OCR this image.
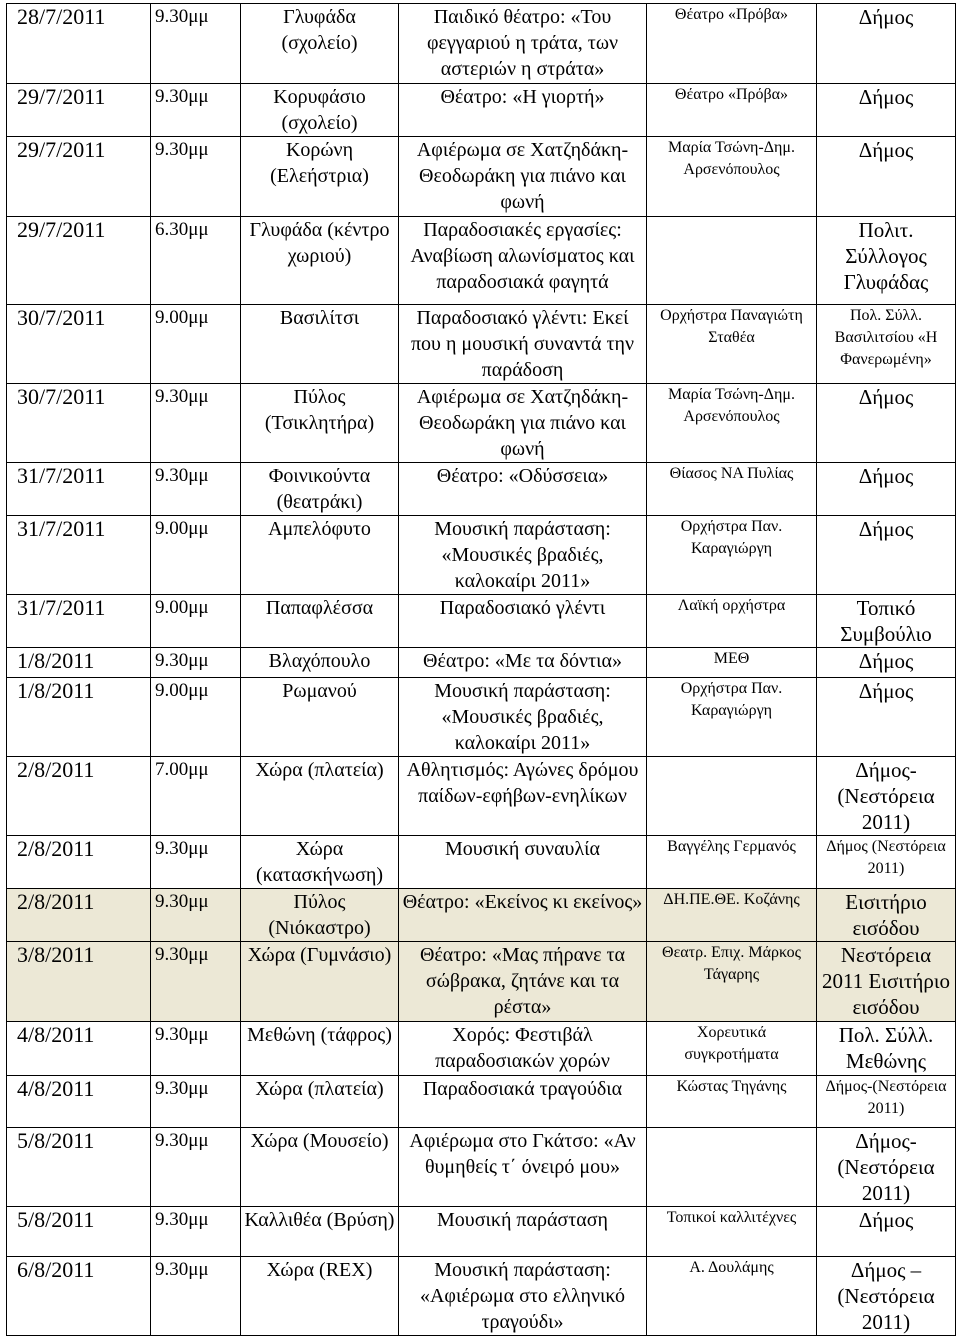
28/7/2011	9.30μμ	Γλυφάδα (σχολείο)	Παιδικό θέατρο: «Του φεγγαριού η τράτα, των αστεριών η στράτα»	Θέατρο «Πρόβα»	Δήμος
29/7/2011	9.30μμ	Κορυφάσιο (σχολείο)	Θέατρο: «Η γιορτή»	Θέατρο «Πρόβα»	Δήμος
29/7/2011	9.30μμ	Κορώνη (Ελεήστρια)	Αφιέρωμα σε Χατζηδάκη-Θεοδωράκη για πιάνο και φωνή	Μαρία Τσώνη-Δημ. Αρσενόπουλος	Δήμος
29/7/2011	6.30μμ	Γλυφάδα (κέντρο χωριού)	Παραδοσιακές εργασίες: Αναβίωση αλωνίσματος και παραδοσιακά φαγητά		Πολιτ. Σύλλογος Γλυφάδας
30/7/2011	9.00μμ	Βασιλίτσι	Παραδοσιακό γλέντι: Εκεί που η μουσική συναντά την παράδοση	Ορχήστρα Παναγιώτη Σταθέα	Πολ. Σύλλ. Βασιλιτσίου «Η Φανερωμένη»
30/7/2011	9.30μμ	Πύλος (Τσικλητήρα)	Αφιέρωμα σε Χατζηδάκη-Θεοδωράκη για πιάνο και φωνή	Μαρία Τσώνη-Δημ. Αρσενόπουλος	Δήμος
31/7/2011	9.30μμ	Φοινικούντα (θεατράκι)	Θέατρο: «Οδύσσεια»	Θίασος ΝΑ Πυλίας	Δήμος
31/7/2011	9.00μμ	Αμπελόφυτο	Μουσική παράσταση: «Μουσικές βραδιές, καλοκαίρι 2011»	Ορχήστρα Παν. Καραγιώργη	Δήμος
31/7/2011	9.00μμ	Παπαφλέσσα	Παραδοσιακό γλέντι	Λαϊκή ορχήστρα	Τοπικό Συμβούλιο
1/8/2011	9.30μμ	Βλαχόπουλο	Θέατρο: «Με τα δόντια»	ΜΕΘ	Δήμος
1/8/2011	9.00μμ	Ρωμανού	Μουσική παράσταση: «Μουσικές βραδιές, καλοκαίρι 2011»	Ορχήστρα Παν. Καραγιώργη	Δήμος
2/8/2011	7.00μμ	Χώρα (πλατεία)	Αθλητισμός: Αγώνες δρόμου παίδων-εφήβων-ενηλίκων		Δήμος-(Νεστόρεια 2011)
2/8/2011	9.30μμ	Χώρα (κατασκήνωση)	Μουσική συναυλία	Βαγγέλης Γερμανός	Δήμος (Νεστόρεια 2011)
2/8/2011	9.30μμ	Πύλος (Νιόκαστρο)	Θέατρο: «Εκείνος κι εκείνος»	ΔΗ.ΠΕ.ΘΕ. Κοζάνης	Εισιτήριο εισόδου
3/8/2011	9.30μμ	Χώρα (Γυμνάσιο)	Θέατρο: «Μας πήρανε τα σώβρακα, ζητάνε και τα ρέστα»	Θεατρ. Επιχ. Μάρκος Τάγαρης	Νεστόρεια 2011 Εισιτήριο εισόδου
4/8/2011	9.30μμ	Μεθώνη (τάφρος)	Χορός: Φεστιβάλ παραδοσιακών χορών	Χορευτικά συγκροτήματα	Πολ. Σύλλ. Μεθώνης
4/8/2011	9.30μμ	Χώρα (πλατεία)	Παραδοσιακά τραγούδια	Κώστας Τηγάνης	Δήμος-(Νεστόρεια 2011)
5/8/2011	9.30μμ	Χώρα (Μουσείο)	Αφιέρωμα στο Γκάτσο: «Αν θυμηθείς τ΄ όνειρό μου»		Δήμος-(Νεστόρεια 2011)
5/8/2011	9.30μμ	Καλλιθέα (Βρύση)	Μουσική παράσταση	Τοπικοί καλλιτέχνες	Δήμος
6/8/2011	9.30μμ	Χώρα (REX)	Μουσική παράσταση: «Αφιέρωμα στο ελληνικό τραγούδι»	Α. Δουλάμης	Δήμος – (Νεστόρεια 2011)
